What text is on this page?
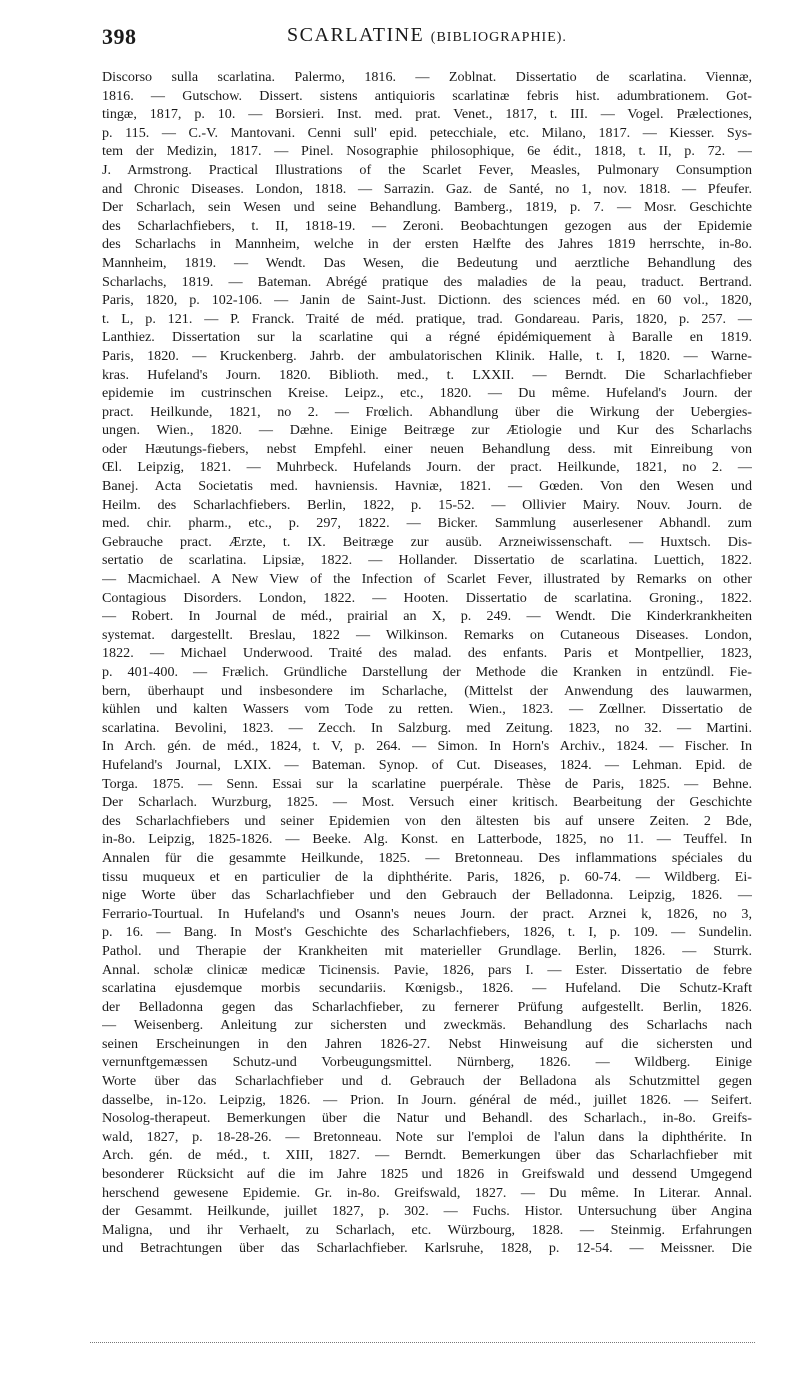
398	SCARLATINE (BIBLIOGRAPHIE).

Discorso sulla scarlatina. Palermo, 1816. — Zoblnat. Dissertatio de scarlatina. Viennæ,

1816. — Gutschow. Dissert. sistens antiquioris scarlatinæ febris hist. adumbrationem. Got-

tingæ, 1817, p. 10. — Borsieri. Inst. med. prat. Venet., 1817, t. III. — Vogel. Prælectiones,

p. 115. — C.-V. Mantovani. Cenni sull' epid. petecchiale, etc. Milano, 1817. — Kiesser. Sys-

tem der Medizin, 1817. — Pinel. Nosographie philosophique, 6e édit., 1818, t. II, p. 72. —

J. Armstrong. Practical Illustrations of the Scarlet Fever, Measles, Pulmonary Consumption

and Chronic Diseases. London, 1818. — Sarrazin. Gaz. de Santé, no 1, nov. 1818. — Pfeufer.

Der Scharlach, sein Wesen und seine Behandlung. Bamberg., 1819, p. 7. — Mosr. Geschichte

des Scharlachfiebers, t. II, 1818-19. — Zeroni. Beobachtungen gezogen aus der Epidemie

des Scharlachs in Mannheim, welche in der ersten Hælfte des Jahres 1819 herrschte, in-8o.

Mannheim, 1819. — Wendt. Das Wesen, die Bedeutung und aerztliche Behandlung des

Scharlachs, 1819. — Bateman. Abrégé pratique des maladies de la peau, traduct. Bertrand.

Paris, 1820, p. 102-106. — Janin de Saint-Just. Dictionn. des sciences méd. en 60 vol., 1820,

t. L, p. 121. — P. Franck. Traité de méd. pratique, trad. Gondareau. Paris, 1820, p. 257. —

Lanthiez. Dissertation sur la scarlatine qui a régné épidémiquement à Baralle en 1819.

Paris, 1820. — Kruckenberg. Jahrb. der ambulatorischen Klinik. Halle, t. I, 1820. — Warne-

kras. Hufeland's Journ. 1820. Biblioth. med., t. LXXII. — Berndt. Die Scharlachfieber

epidemie im custrinschen Kreise. Leipz., etc., 1820. — Du même. Hufeland's Journ. der

pract. Heilkunde, 1821, no 2. — Frœlich. Abhandlung über die Wirkung der Uebergies-

ungen. Wien., 1820. — Dæhne. Einige Beitræge zur Ætiologie und Kur des Scharlachs

oder Hæutungs-fiebers, nebst Empfehl. einer neuen Behandlung dess. mit Einreibung von

Œl. Leipzig, 1821. — Muhrbeck. Hufelands Journ. der pract. Heilkunde, 1821, no 2. —

Banej. Acta Societatis med. havniensis. Havniæ, 1821. — Gœden. Von den Wesen und

Heilm. des Scharlachfiebers. Berlin, 1822, p. 15-52. — Ollivier Mairy. Nouv. Journ. de

med. chir. pharm., etc., p. 297, 1822. — Bicker. Sammlung auserlesener Abhandl. zum

Gebrauche pract. Ærzte, t. IX. Beitræge zur ausüb. Arzneiwissenschaft. — Huxtsch. Dis-

sertatio de scarlatina. Lipsiæ, 1822. — Hollander. Dissertatio de scarlatina. Luettich, 1822.

— Macmichael. A New View of the Infection of Scarlet Fever, illustrated by Remarks on other

Contagious Disorders. London, 1822. — Hooten. Dissertatio de scarlatina. Groning., 1822.

— Robert. In Journal de méd., prairial an X, p. 249. — Wendt. Die Kinderkrankheiten

systemat. dargestellt. Breslau, 1822 — Wilkinson. Remarks on Cutaneous Diseases. London,

1822. — Michael Underwood. Traité des malad. des enfants. Paris et Montpellier, 1823,

p. 401-400. — Frælich. Gründliche Darstellung der Methode die Kranken in entzündl. Fie-

bern, überhaupt und insbesondere im Scharlache, (Mittelst der Anwendung des lauwarmen,

kühlen und kalten Wassers vom Tode zu retten. Wien., 1823. — Zœllner. Dissertatio de

scarlatina. Bevolini, 1823. — Zecch. In Salzburg. med Zeitung. 1823, no 32. — Martini.

In Arch. gén. de méd., 1824, t. V, p. 264. — Simon. In Horn's Archiv., 1824. — Fischer. In

Hufeland's Journal, LXIX. — Bateman. Synop. of Cut. Diseases, 1824. — Lehman. Epid. de

Torga. 1875. — Senn. Essai sur la scarlatine puerpérale. Thèse de Paris, 1825. — Behne.

Der Scharlach. Wurzburg, 1825. — Most. Versuch einer kritisch. Bearbeitung der Geschichte

des Scharlachfiebers und seiner Epidemien von den ältesten bis auf unsere Zeiten. 2 Bde,

in-8o. Leipzig, 1825-1826. — Beeke. Alg. Konst. en Latterbode, 1825, no 11. — Teuffel. In

Annalen für die gesammte Heilkunde, 1825. — Bretonneau. Des inflammations spéciales du

tissu muqueux et en particulier de la diphthérite. Paris, 1826, p. 60-74. — Wildberg. Ei-

nige Worte über das Scharlachfieber und den Gebrauch der Belladonna. Leipzig, 1826. —

Ferrario-Tourtual. In Hufeland's und Osann's neues Journ. der pract. Arznei k, 1826, no 3,

p. 16. — Bang. In Most's Geschichte des Scharlachfiebers, 1826, t. I, p. 109. — Sundelin.

Pathol. und Therapie der Krankheiten mit materieller Grundlage. Berlin, 1826. — Sturrk.

Annal. scholæ clinicæ medicæ Ticinensis. Pavie, 1826, pars I. — Ester. Dissertatio de febre

scarlatina ejusdemque morbis secundariis. Kœnigsb., 1826. — Hufeland. Die Schutz-Kraft

der Belladonna gegen das Scharlachfieber, zu fernerer Prüfung aufgestellt. Berlin, 1826.

— Weisenberg. Anleitung zur sichersten und zweckmäs. Behandlung des Scharlachs nach

seinen Erscheinungen in den Jahren 1826-27. Nebst Hinweisung auf die sichersten und

vernunftgemæssen Schutz-und Vorbeugungsmittel. Nürnberg, 1826. — Wildberg. Einige

Worte über das Scharlachfieber und d. Gebrauch der Belladona als Schutzmittel gegen

dasselbe, in-12o. Leipzig, 1826. — Prion. In Journ. général de méd., juillet 1826. — Seifert.

Nosolog-therapeut. Bemerkungen über die Natur und Behandl. des Scharlach., in-8o. Greifs-

wald, 1827, p. 18-28-26. — Bretonneau. Note sur l'emploi de l'alun dans la diphthérite. In

Arch. gén. de méd., t. XIII, 1827. — Berndt. Bemerkungen über das Scharlachfieber mit

besonderer Rücksicht auf die im Jahre 1825 und 1826 in Greifswald und dessend Umgegend

herschend gewesene Epidemie. Gr. in-8o. Greifswald, 1827. — Du même. In Literar. Annal.

der Gesammt. Heilkunde, juillet 1827, p. 302. — Fuchs. Histor. Untersuchung über Angina

Maligna, und ihr Verhaelt, zu Scharlach, etc. Würzbourg, 1828. — Steinmig. Erfahrungen

und Betrachtungen über das Scharlachfieber. Karlsruhe, 1828, p. 12-54. — Meissner. Die
